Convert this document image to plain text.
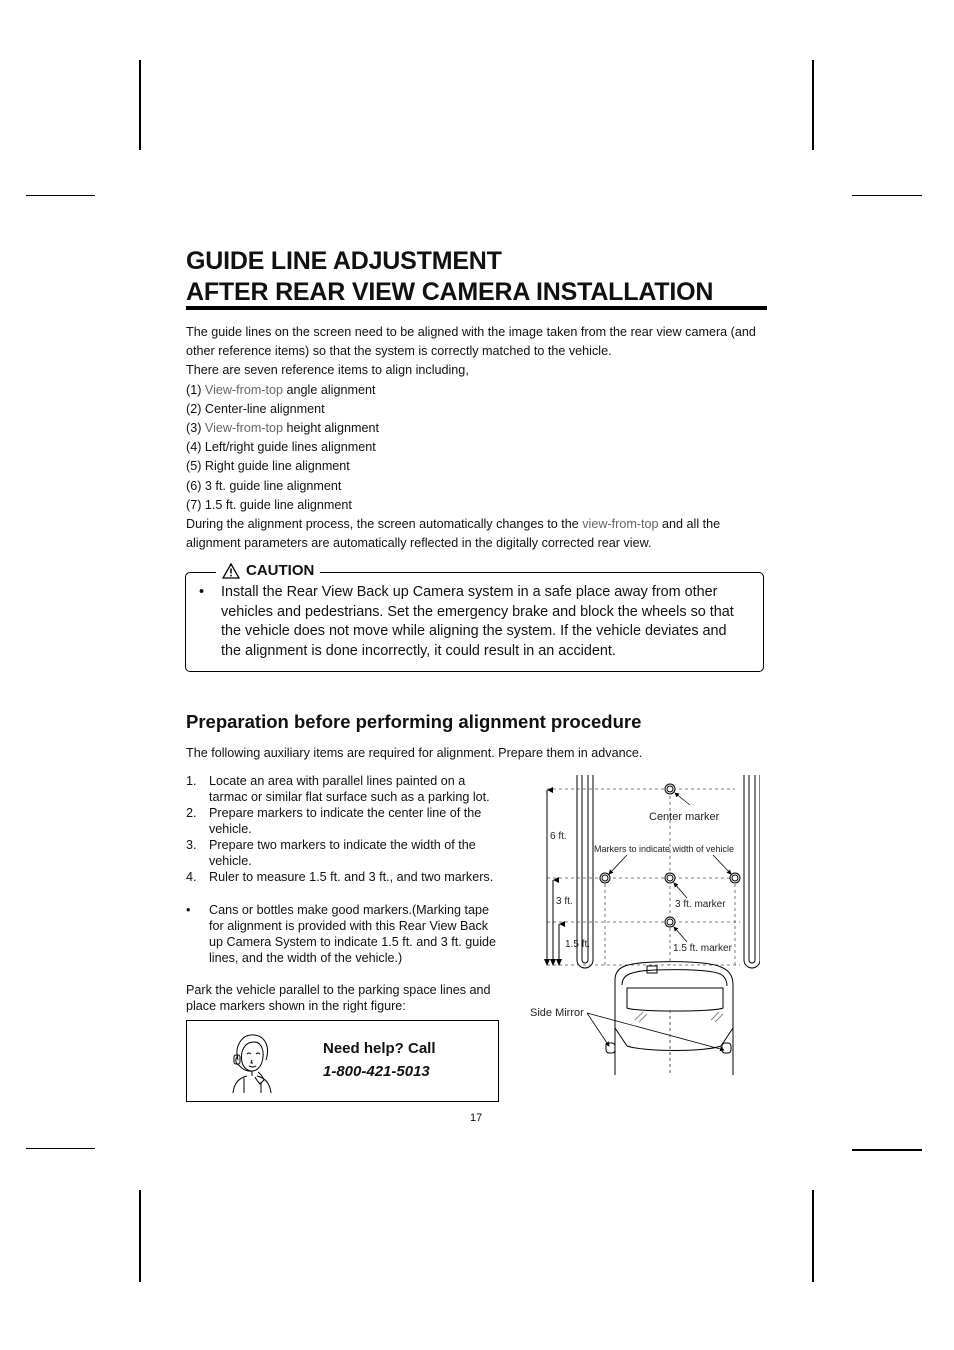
GUIDE LINE ADJUSTMENT
AFTER REAR VIEW CAMERA INSTALLATION

The guide lines on the screen need to be aligned with the image taken from the rear view camera (and other reference items) so that the system is correctly matched to the vehicle.

There are seven reference items to align including,

(1) View-from-top angle alignment

(2) Center-line alignment

(3) View-from-top height alignment

(4) Left/right guide lines alignment

(5) Right guide line alignment

(6) 3 ft. guide line alignment

(7) 1.5 ft. guide line alignment

During the alignment process, the screen automatically changes to the view-from-top and all the alignment parameters are automatically reflected in the digitally corrected rear view.

CAUTION
•	Install the Rear View Back up Camera system in a safe place away from other vehicles and pedestrians. Set the emergency brake and block the wheels so that the vehicle does not move while aligning the system. If the vehicle deviates and the alignment is done incorrectly, it could result in an accident.
Preparation before performing alignment procedure
The following auxiliary items are required for alignment. Prepare them in advance.
1. Locate an area with parallel lines painted on a tarmac or similar flat surface such as a parking lot.
2. Prepare markers to indicate the center line of the vehicle.
3. Prepare two markers to indicate the width of the vehicle.
4. Ruler to measure 1.5 ft. and 3 ft., and two markers.
•	Cans or bottles make good markers.(Marking tape for alignment is provided with this Rear View Back up Camera System to indicate 1.5 ft. and 3 ft. guide lines, and the width of the vehicle.)
Park the vehicle parallel to the parking space lines and place markers shown in the right figure:
Need help? Call
1-800-421-5013
17
Center marker
Markers to indicate width of vehicle
6 ft.
3 ft.
1.5 ft.
3 ft. marker
1.5 ft. marker
Side Mirror
